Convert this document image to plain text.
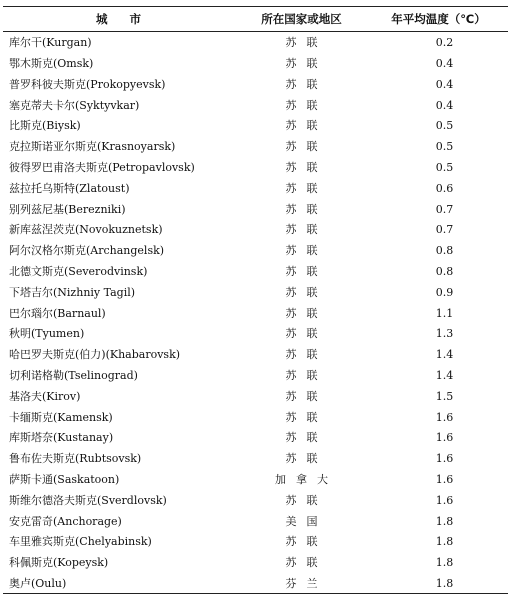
城市	所在国家或地区	年平均温度（℃）
库尔干(Kurgan)	苏联	0.2
鄂木斯克(Omsk)	苏联	0.4
普罗科彼夫斯克(Prokopyevsk)	苏联	0.4
塞克蒂夫卡尔(Syktyvkar)	苏联	0.4
比斯克(Biysk)	苏联	0.5
克拉斯诺亚尔斯克(Krasnoyarsk)	苏联	0.5
彼得罗巴甫洛夫斯克(Petropavlovsk)	苏联	0.5
兹拉托乌斯特(Zlatoust)	苏联	0.6
别列兹尼基(Berezniki)	苏联	0.7
新库兹涅茨克(Novokuznetsk)	苏联	0.7
阿尔汉格尔斯克(Archangelsk)	苏联	0.8
北德文斯克(Severodvinsk)	苏联	0.8
下塔吉尔(Nizhniy Tagil)	苏联	0.9
巴尔瑙尔(Barnaul)	苏联	1.1
秋明(Tyumen)	苏联	1.3
哈巴罗夫斯克(伯力)(Khabarovsk)	苏联	1.4
切利诺格勒(Tselinograd)	苏联	1.4
基洛夫(Kirov)	苏联	1.5
卡缅斯克(Kamensk)	苏联	1.6
库斯塔奈(Kustanay)	苏联	1.6
鲁布佐夫斯克(Rubtsovsk)	苏联	1.6
萨斯卡通(Saskatoon)	加拿大	1.6
斯维尔德洛夫斯克(Sverdlovsk)	苏联	1.6
安克雷奇(Anchorage)	美国	1.8
车里雅宾斯克(Chelyabinsk)	苏联	1.8
科佩斯克(Kopeysk)	苏联	1.8
奥卢(Oulu)	芬兰	1.8
